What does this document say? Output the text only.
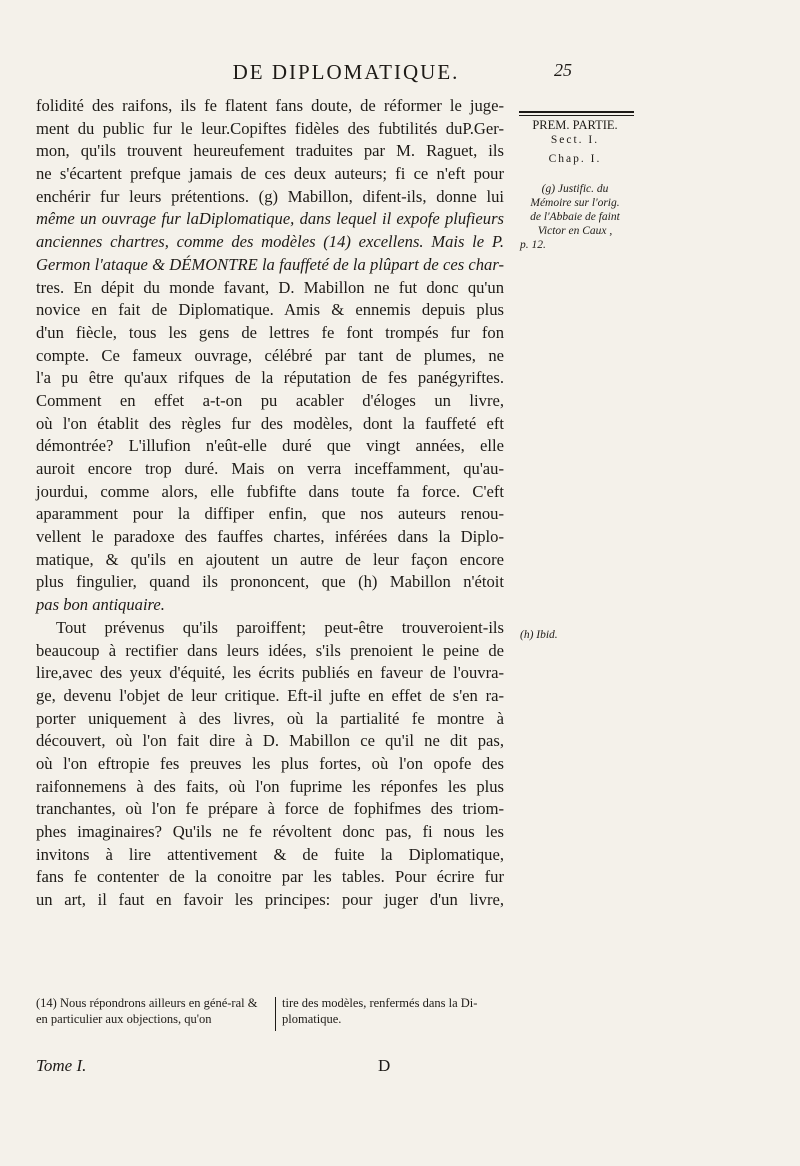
DE DIPLOMATIQUE.	25
PREM. PARTIE.
Sect. I.
Chap. I.
(g) Justific. du
Mémoire sur l'orig.
de l'Abbaie de faint
Victor en Caux ,
p. 12.
(h) Ibid.
folidité des raifons, ils fe flatent fans doute, de réformer le juge-
ment du public fur le leur.Copiftes fidèles des fubtilités duP.Ger-
mon, qu'ils trouvent heureufement traduites par M. Raguet, ils
ne s'écartent prefque jamais de ces deux auteurs; fi ce n'eft pour
enchérir fur leurs prétentions. (g) Mabillon, difent-ils, donne lui
même un ouvrage fur laDiplomatique, dans lequel il expofe plufieurs
anciennes chartres, comme des modèles (14) excellens. Mais le P.
Germon l'ataque & DÉMONTRE la fauffeté de la plûpart de ces char-
tres. En dépit du monde favant, D. Mabillon ne fut donc qu'un
novice en fait de Diplomatique. Amis & ennemis depuis plus
d'un fiècle, tous les gens de lettres fe font trompés fur fon
compte. Ce fameux ouvrage, célébré par tant de plumes, ne
l'a pu être qu'aux rifques de la réputation de fes panégyriftes.
Comment en effet a-t-on pu acabler d'éloges un livre,
où l'on établit des règles fur des modèles, dont la fauffeté eft
démontrée? L'illufion n'eût-elle duré que vingt années, elle
auroit encore trop duré. Mais on verra inceffamment, qu'au-
jourdui, comme alors, elle fubfifte dans toute fa force. C'eft
aparamment pour la diffiper enfin, que nos auteurs renou-
vellent le paradoxe des fauffes chartes, inférées dans la Diplo-
matique, & qu'ils en ajoutent un autre de leur façon encore
plus fingulier, quand ils prononcent, que (h) Mabillon n'étoit
pas bon antiquaire.
Tout prévenus qu'ils paroiffent; peut-être trouveroient-ils
beaucoup à rectifier dans leurs idées, s'ils prenoient le peine de
lire,avec des yeux d'équité, les écrits publiés en faveur de l'ouvra-
ge, devenu l'objet de leur critique. Eft-il jufte en effet de s'en ra-
porter uniquement à des livres, où la partialité fe montre à
découvert, où l'on fait dire à D. Mabillon ce qu'il ne dit pas,
où l'on eftropie fes preuves les plus fortes, où l'on opofe des
raifonnemens à des faits, où l'on fuprime les réponfes les plus
tranchantes, où l'on fe prépare à force de fophifmes des triom-
phes imaginaires? Qu'ils ne fe révoltent donc pas, fi nous les
invitons à lire attentivement & de fuite la Diplomatique,
fans fe contenter de la conoitre par les tables. Pour écrire fur
un art, il faut en favoir les principes: pour juger d'un livre,
(14) Nous répondrons ailleurs en géné-ral & en particulier aux objections, qu'on
tire des modèles, renfermés dans la Di-plomatique.
Tome I.	D
